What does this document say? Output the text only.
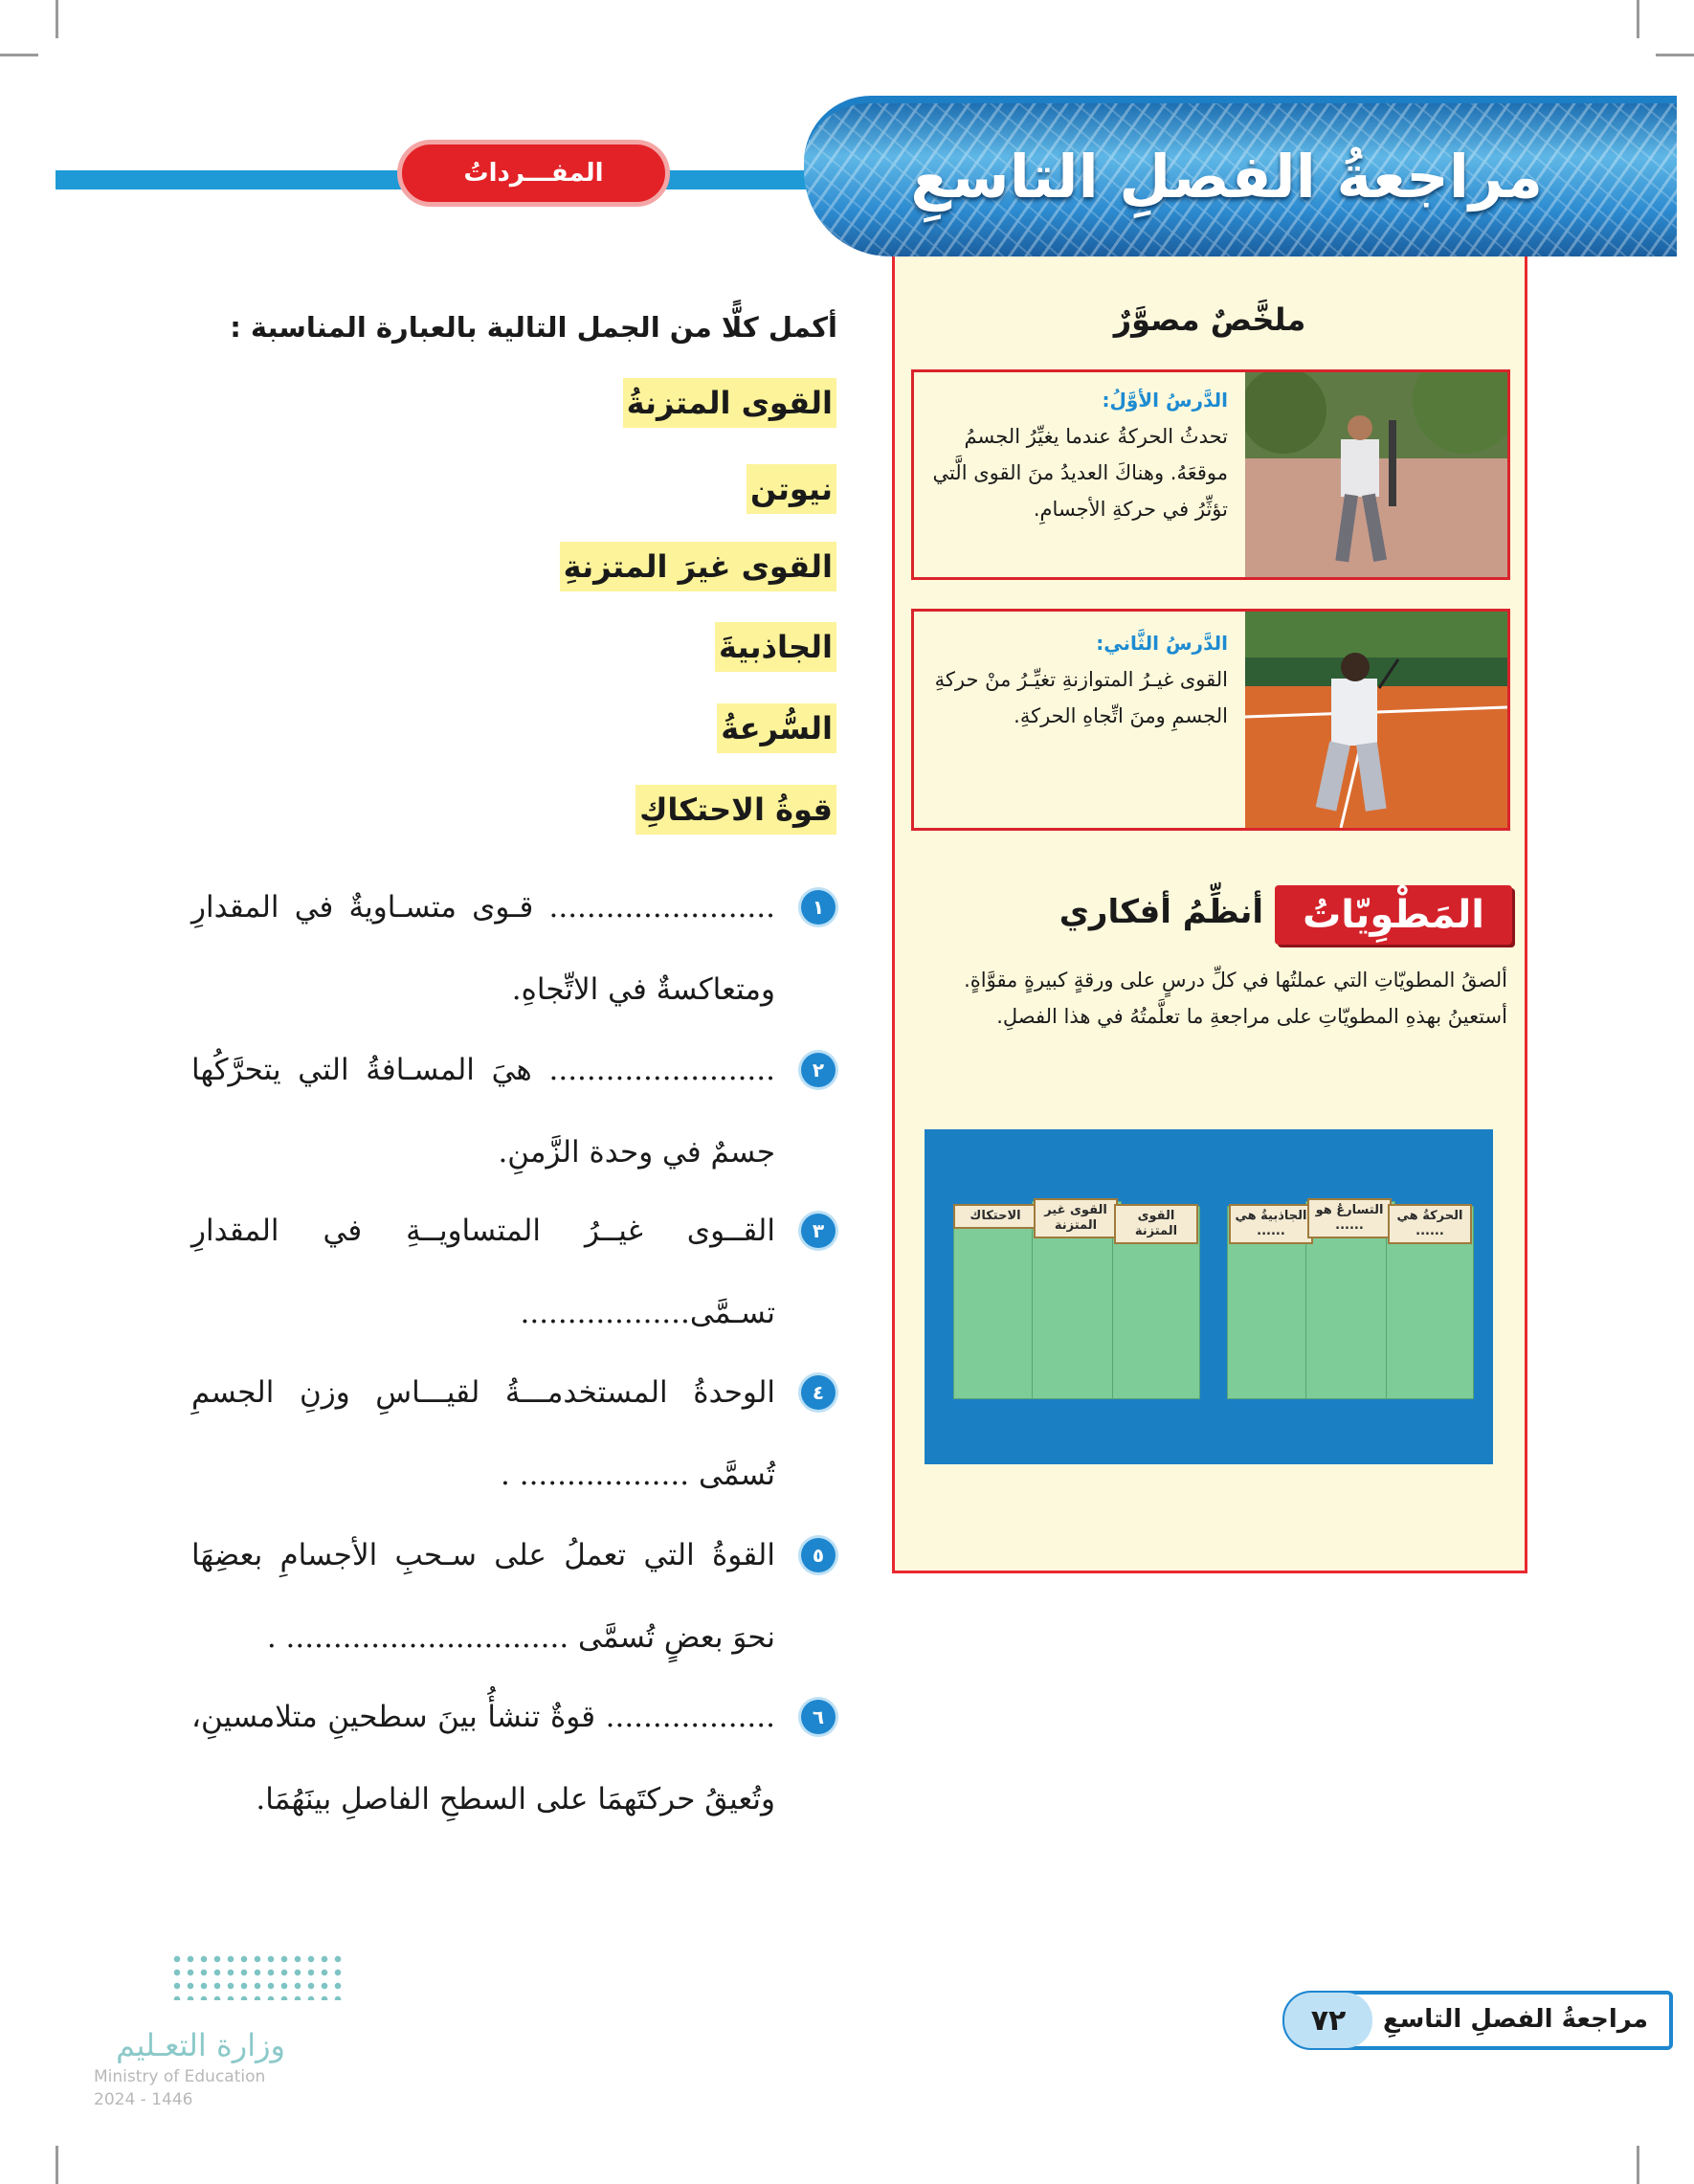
المفـــرداتُ	مراجعةُ الفصلِ التاسعِ
ملخَّصٌ مصوَّرٌ
الدَّرسُ الأوَّلُ:
تحدثُ الحركةُ عندما يغيِّرُ الجسمُ موقعَهُ. وهناكَ العديدُ منَ القوى الَّتي تؤثِّرُ في حركةِ الأجسامِ.
الدَّرسُ الثَّاني:
القوى غيـرُ المتوازنةِ تغيِّـرُ منْ حركةِ الجسمِ ومنَ اتِّجاهِ الحركةِ.
المَطْوِيّاتُ
أنظِّمُ أفكاري
ألصقُ المطويّاتِ التي عملتُها في كلِّ درسٍ على ورقةٍ كبيرةٍ مقوَّاةٍ. أستعينُ بهذهِ المطويّاتِ على مراجعةِ ما تعلَّمتُهُ في هذا الفصلِ.
الاحتكاك	القوى غير المتزنة
القوى المتزنة
الجاذبيةُ هي ......
التسارعُ هو ......
الحركةُ هي ......
أكمل كلًّا من الجمل التالية بالعبارة المناسبة :
القوى المتزنةُ
نيوتن
القوى غيرَ المتزنةِ
الجاذبيةَ
السُّرعةُ
قوةُ الاحتكاكِ
١
........................ قـوى متسـاويةٌ في المقدارِ ومتعاكسةٌ في الاتِّجاهِ.
٢
........................ هيَ المسـافةُ التي يتحرَّكُها جسمٌ في وحدة الزَّمنِ.
٣
القــوى غيــرُ المتساويــةِ في المقدارِ تسـمَّى..................
٤
الوحدةُ المستخدمـــةُ لقيـــاسِ وزنِ الجسمِ تُسمَّى .................. .
٥
القوةُ التي تعملُ على سـحبِ الأجسامِ بعضِهَا نحوَ بعضٍ تُسمَّى .............................. .
٦
.................. قوةٌ تنشأُ بينَ سطحينِ متلامسينِ، وتُعيقُ حركتَهمَا على السطحِ الفاصلِ بينَهُمَا.
وزارة التعـليم
Ministry of Education
2024 - 1446
٧٢	مراجعةُ الفصلِ التاسعِ
